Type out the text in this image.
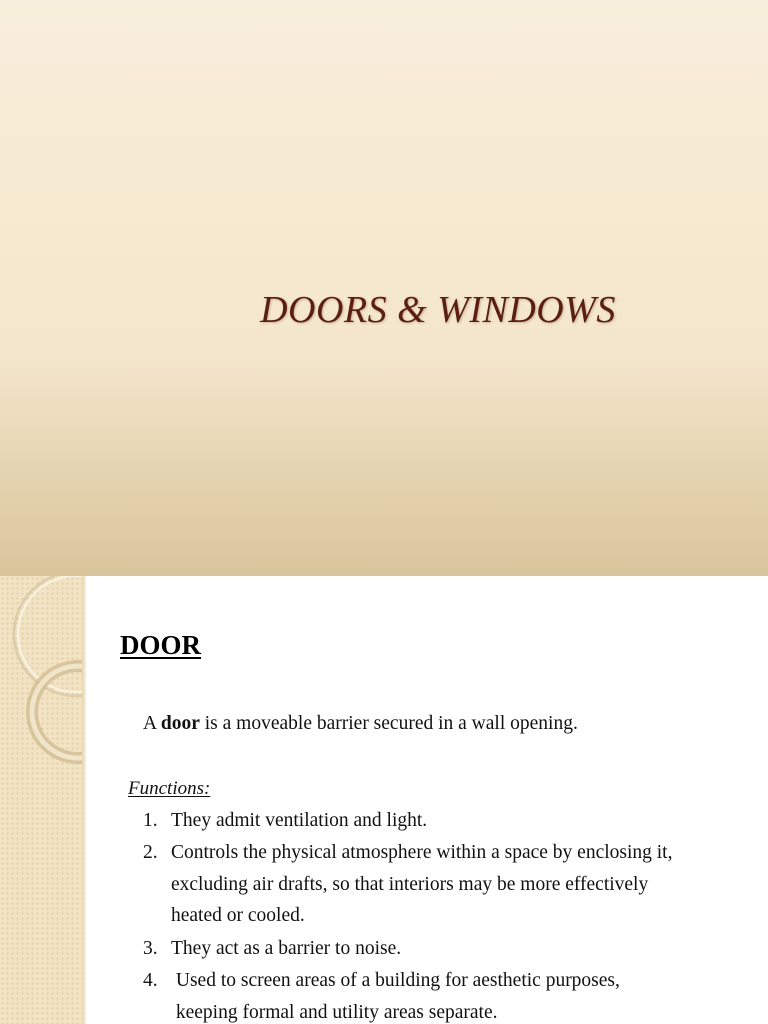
DOORS & WINDOWS
DOOR
A door is a moveable barrier secured in a wall opening.
Functions:
1. They admit ventilation and light.
2. Controls the physical atmosphere within a space by enclosing it,
excluding air drafts, so that interiors may be more effectively
heated or cooled.
3. They act as a barrier to noise.
4. Used to screen areas of a building for aesthetic purposes,
keeping formal and utility areas separate.
